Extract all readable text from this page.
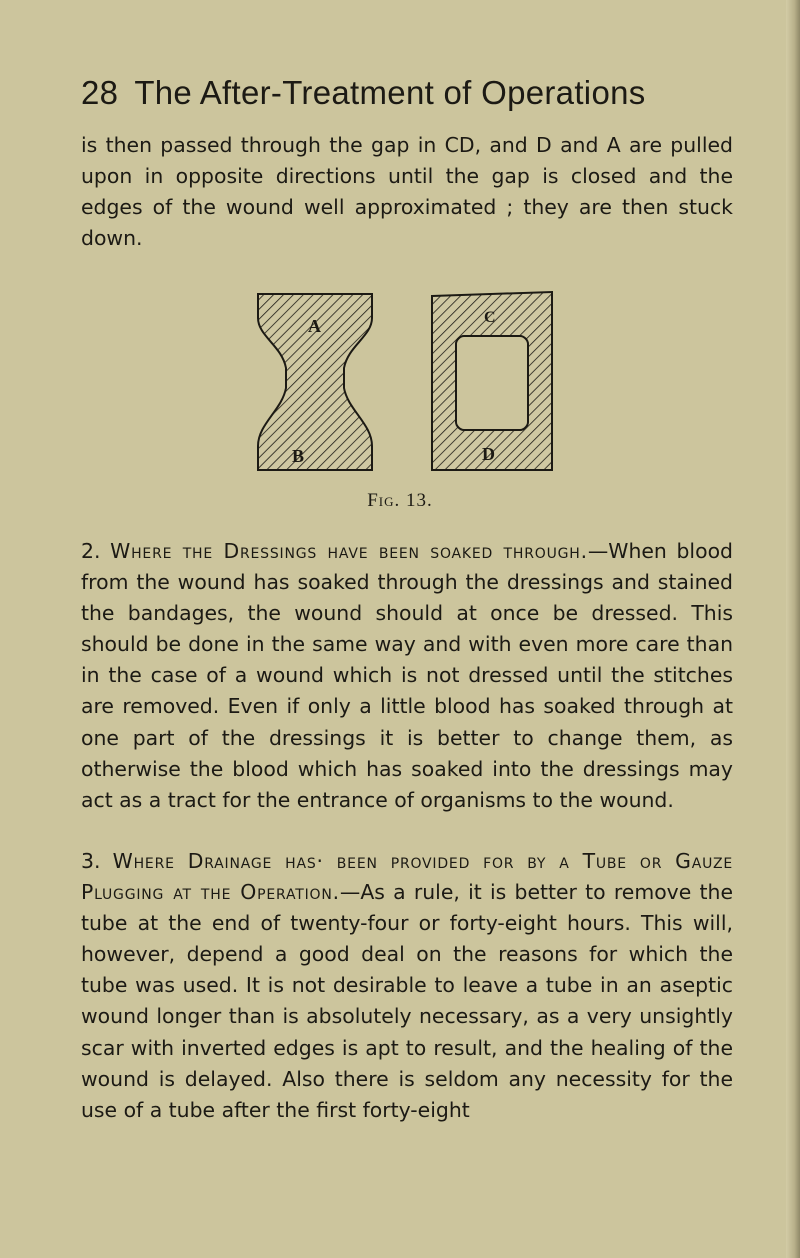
28 The After-Treatment of Operations

is then passed through the gap in CD, and D and A are pulled upon in opposite directions until the gap is closed and the edges of the wound well approximated ; they are then stuck down.

A
B
C
D
Fig. 13.

2. Where the Dressings have been soaked through.—When blood from the wound has soaked through the dressings and stained the bandages, the wound should at once be dressed. This should be done in the same way and with even more care than in the case of a wound which is not dressed until the stitches are removed. Even if only a little blood has soaked through at one part of the dressings it is better to change them, as otherwise the blood which has soaked into the dressings may act as a tract for the entrance of organisms to the wound.

3. Where Drainage has· been provided for by a Tube or Gauze Plugging at the Operation.—As a rule, it is better to remove the tube at the end of twenty-four or forty-eight hours. This will, however, depend a good deal on the reasons for which the tube was used. It is not desirable to leave a tube in an aseptic wound longer than is absolutely necessary, as a very unsightly scar with inverted edges is apt to result, and the healing of the wound is delayed. Also there is seldom any necessity for the use of a tube after the first forty-eight
